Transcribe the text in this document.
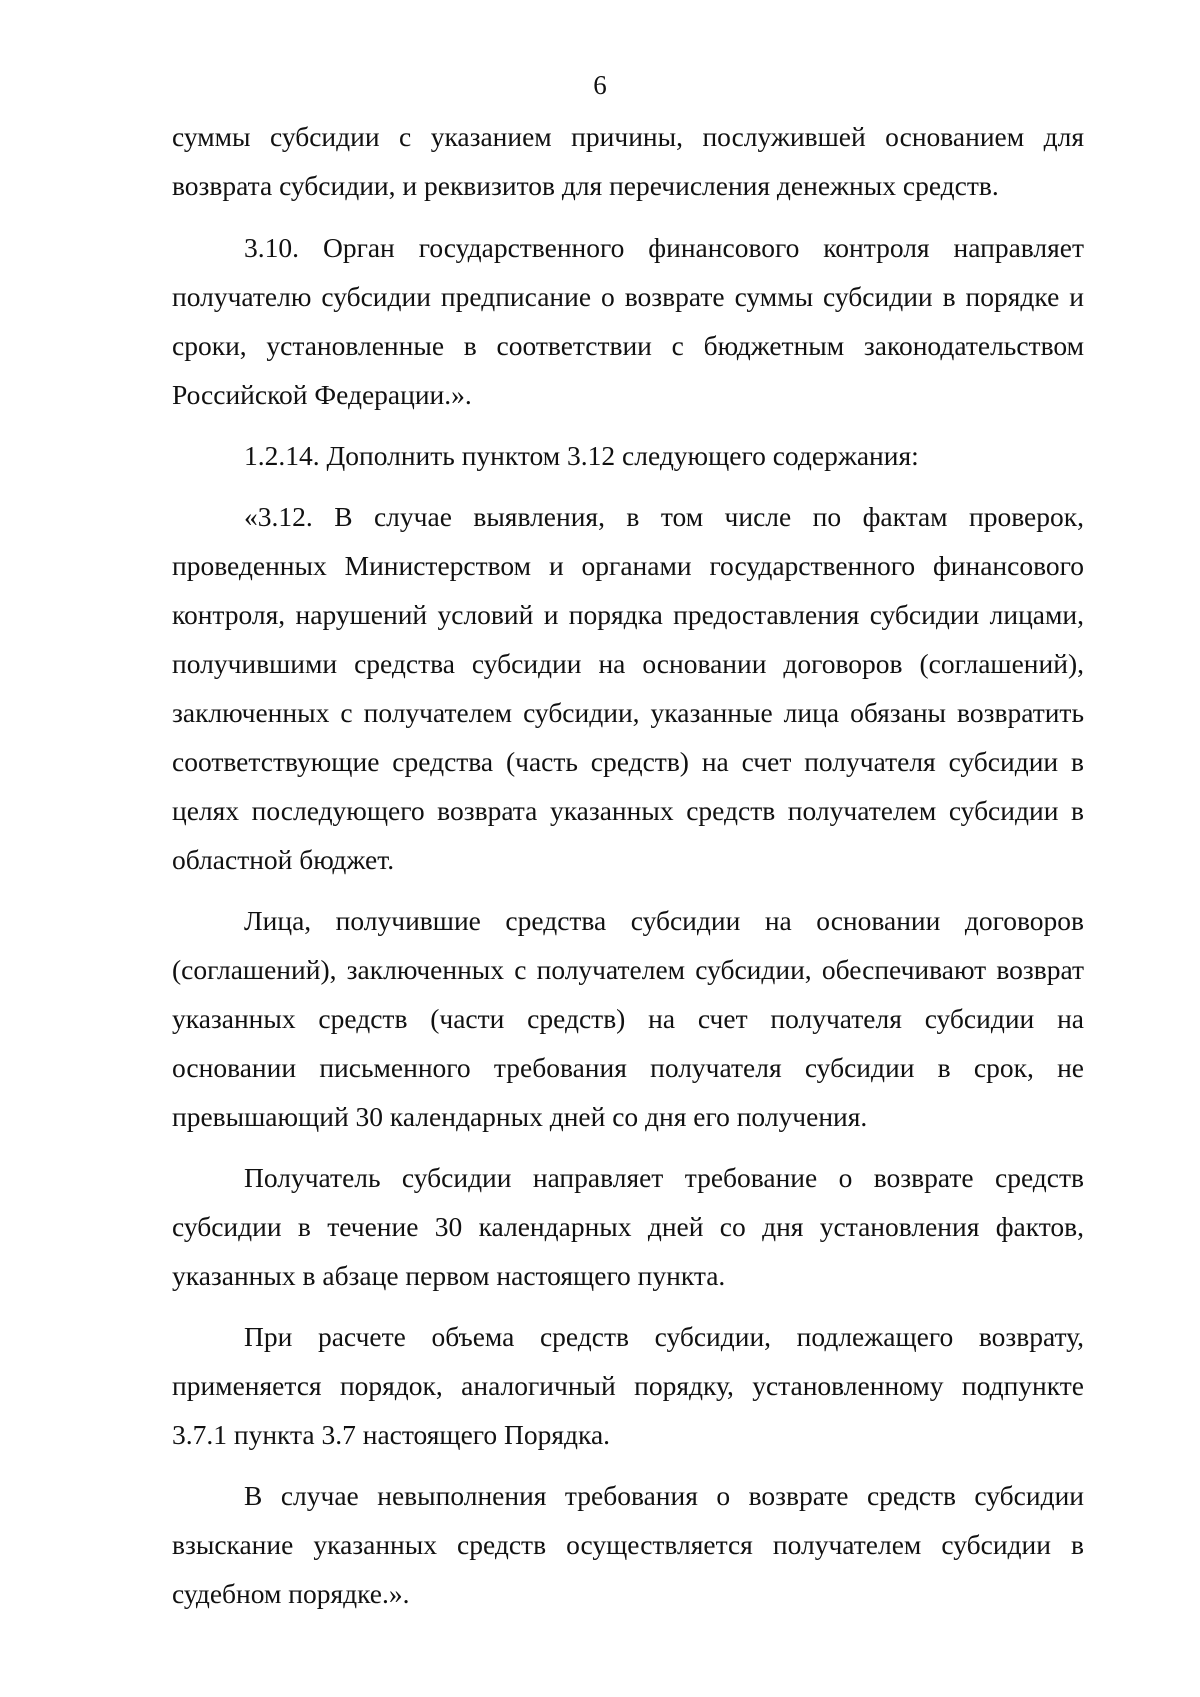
6

суммы субсидии с указанием причины, послужившей основанием для возврата субсидии, и реквизитов для перечисления денежных средств.

3.10. Орган государственного финансового контроля направляет получателю субсидии предписание о возврате суммы субсидии в порядке и сроки, установленные в соответствии с бюджетным законодательством Российской Федерации.».

1.2.14. Дополнить пунктом 3.12 следующего содержания:

«3.12. В случае выявления, в том числе по фактам проверок, проведенных Министерством и органами государственного финансового контроля, нарушений условий и порядка предоставления субсидии лицами, получившими средства субсидии на основании договоров (соглашений), заключенных с получателем субсидии, указанные лица обязаны возвратить соответствующие средства (часть средств) на счет получателя субсидии в целях последующего возврата указанных средств получателем субсидии в областной бюджет.

Лица, получившие средства субсидии на основании договоров (соглашений), заключенных с получателем субсидии, обеспечивают возврат указанных средств (части средств) на счет получателя субсидии на основании письменного требования получателя субсидии в срок, не превышающий 30 календарных дней со дня его получения.

Получатель субсидии направляет требование о возврате средств субсидии в течение 30 календарных дней со дня установления фактов, указанных в абзаце первом настоящего пункта.

При расчете объема средств субсидии, подлежащего возврату, применяется порядок, аналогичный порядку, установленному подпункте 3.7.1 пункта 3.7 настоящего Порядка.

В случае невыполнения требования о возврате средств субсидии взыскание указанных средств осуществляется получателем субсидии в судебном порядке.».
